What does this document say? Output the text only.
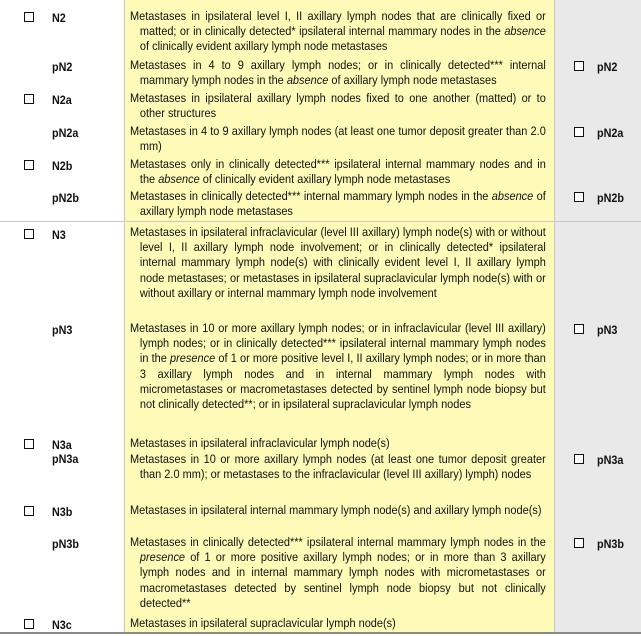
N2	Metastases in ipsilateral level I, II axillary lymph nodes that are clinically fixed or matted; or in clinically detected* ipsilateral internal mammary nodes in the absence of clinically evident axillary lymph node metastases
pN2	Metastases in 4 to 9 axillary lymph nodes; or in clinically detected*** internal mammary lymph nodes in the absence of axillary lymph node metastases
pN2
N2a	Metastases in ipsilateral axillary lymph nodes fixed to one another (matted) or to other structures
pN2a	Metastases in 4 to 9 axillary lymph nodes (at least one tumor deposit greater than 2.0 mm)
pN2a
N2b	Metastases only in clinically detected*** ipsilateral internal mammary nodes and in the absence of clinically evident axillary lymph node metastases
pN2b	Metastases in clinically detected*** internal mammary lymph nodes in the absence of axillary lymph node metastases
pN2b
N3	Metastases in ipsilateral infraclavicular (level III axillary) lymph node(s) with or without level I, II axillary lymph node involvement; or in clinically detected* ipsilateral internal mammary lymph node(s) with clinically evident level I, II axillary lymph node metastases; or metastases in ipsilateral supraclavicular lymph node(s) with or without axillary or internal mammary lymph node involvement
pN3	Metastases in 10 or more axillary lymph nodes; or in infraclavicular (level III axillary) lymph nodes; or in clinically detected*** ipsilateral internal mammary lymph nodes in the presence of 1 or more positive level I, II axillary lymph nodes; or in more than 3 axillary lymph nodes and in internal mammary lymph nodes with micrometastases or macrometastases detected by sentinel lymph node biopsy but not clinically detected**; or in ipsilateral supraclavicular lymph nodes
pN3
N3a	Metastases in ipsilateral infraclavicular lymph node(s)
pN3a	Metastases in 10 or more axillary lymph nodes (at least one tumor deposit greater than 2.0 mm); or metastases to the infraclavicular (level III axillary) lymph) nodes
pN3a
N3b	Metastases in ipsilateral internal mammary lymph node(s) and axillary lymph node(s)
pN3b	Metastases in clinically detected*** ipsilateral internal mammary lymph nodes in the presence of 1 or more positive axillary lymph nodes; or in more than 3 axillary lymph nodes and in internal mammary lymph nodes with micrometastases or macrometastases detected by sentinel lymph node biopsy but not clinically detected**
pN3b
N3c	Metastases in ipsilateral supraclavicular lymph node(s)
